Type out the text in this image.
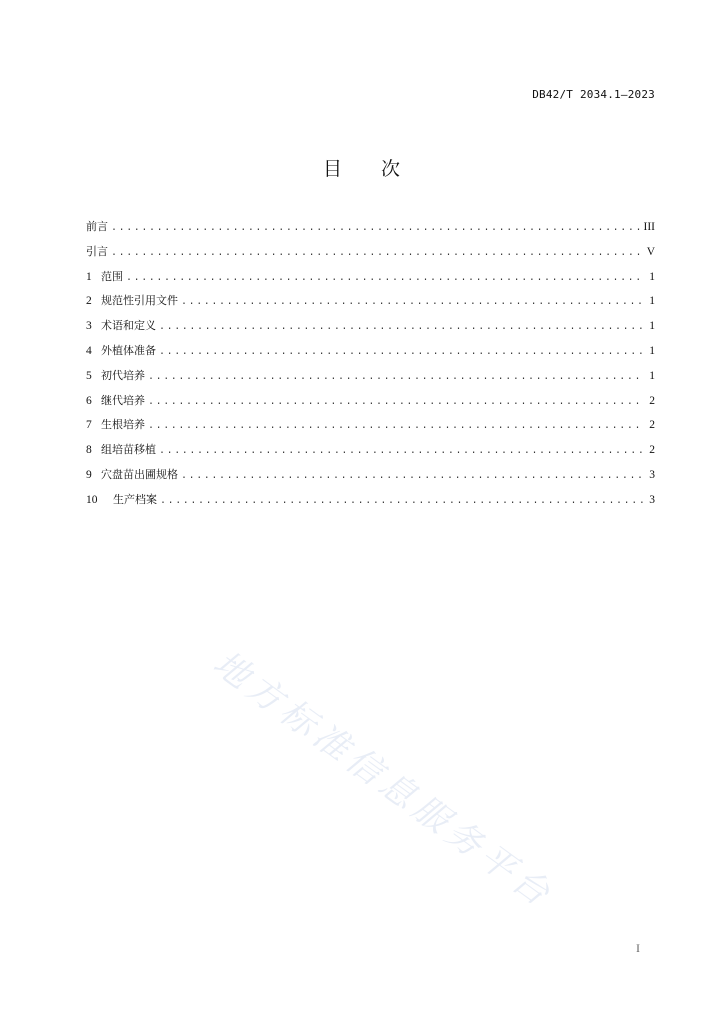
DB42/T 2034.1—2023
目 次
前言 .....	III
引言 .....	V
1 范围 .....	1
2 规范性引用文件 .....	1
3 术语和定义 .....	1
4 外植体准备 .....	1
5 初代培养 .....	1
6 继代培养 .....	2
7 生根培养 .....	2
8 组培苗移植 .....	2
9 穴盘苗出圃规格 .....	3
10	生产档案 .....	3
地方标准信息服务平台
I
